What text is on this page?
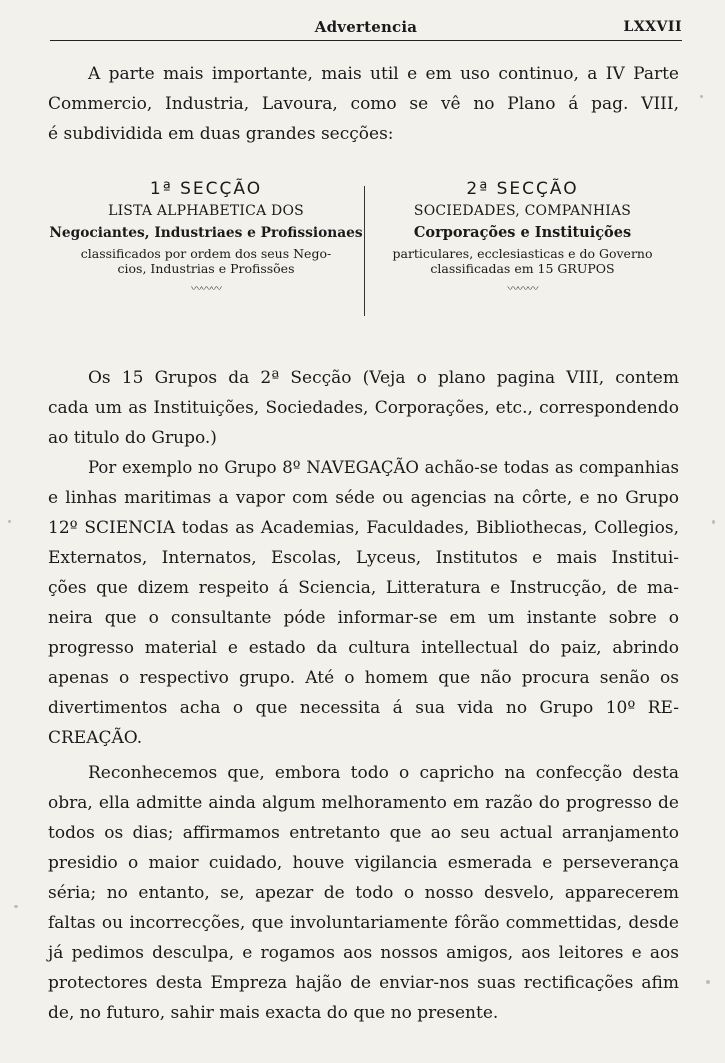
Advertencia	LXXVII
A parte mais importante, mais util e em uso continuo, a IV Parte
Commercio, Industria, Lavoura, como se vê no Plano á pag. VIII,
é subdividida em duas grandes secções:
1ª SECÇÃO
LISTA ALPHABETICA DOS
Negociantes, Industriaes e Profissionaes
classificados por ordem dos seus Nego-
cios, Industrias e Profissões
〰〰〰
2ª SECÇÃO
SOCIEDADES, COMPANHIAS
Corporações e Instituições
particulares, ecclesiasticas e do Governo
classificadas em 15 GRUPOS
〰〰〰
Os 15 Grupos da 2ª Secção (Veja o plano pagina VIII, contem
cada um as Instituições, Sociedades, Corporações, etc., correspondendo
ao titulo do Grupo.)
Por exemplo no Grupo 8º NAVEGAÇÃO achão-se todas as companhias
e linhas maritimas a vapor com séde ou agencias na côrte, e no Grupo
12º SCIENCIA todas as Academias, Faculdades, Bibliothecas, Collegios,
Externatos, Internatos, Escolas, Lyceus, Institutos e mais Institui-
ções que dizem respeito á Sciencia, Litteratura e Instrucção, de ma-
neira que o consultante póde informar-se em um instante sobre o
progresso material e estado da cultura intellectual do paiz, abrindo
apenas o respectivo grupo. Até o homem que não procura senão os
divertimentos acha o que necessita á sua vida no Grupo 10º RE-
CREAÇÃO.
Reconhecemos que, embora todo o capricho na confecção desta
obra, ella admitte ainda algum melhoramento em razão do progresso de
todos os dias; affirmamos entretanto que ao seu actual arranjamento
presidio o maior cuidado, houve vigilancia esmerada e perseverança
séria; no entanto, se, apezar de todo o nosso desvelo, apparecerem
faltas ou incorrecções, que involuntariamente fôrão commettidas, desde
já pedimos desculpa, e rogamos aos nossos amigos, aos leitores e aos
protectores desta Empreza hajão de enviar-nos suas rectificações afim
de, no futuro, sahir mais exacta do que no presente.
